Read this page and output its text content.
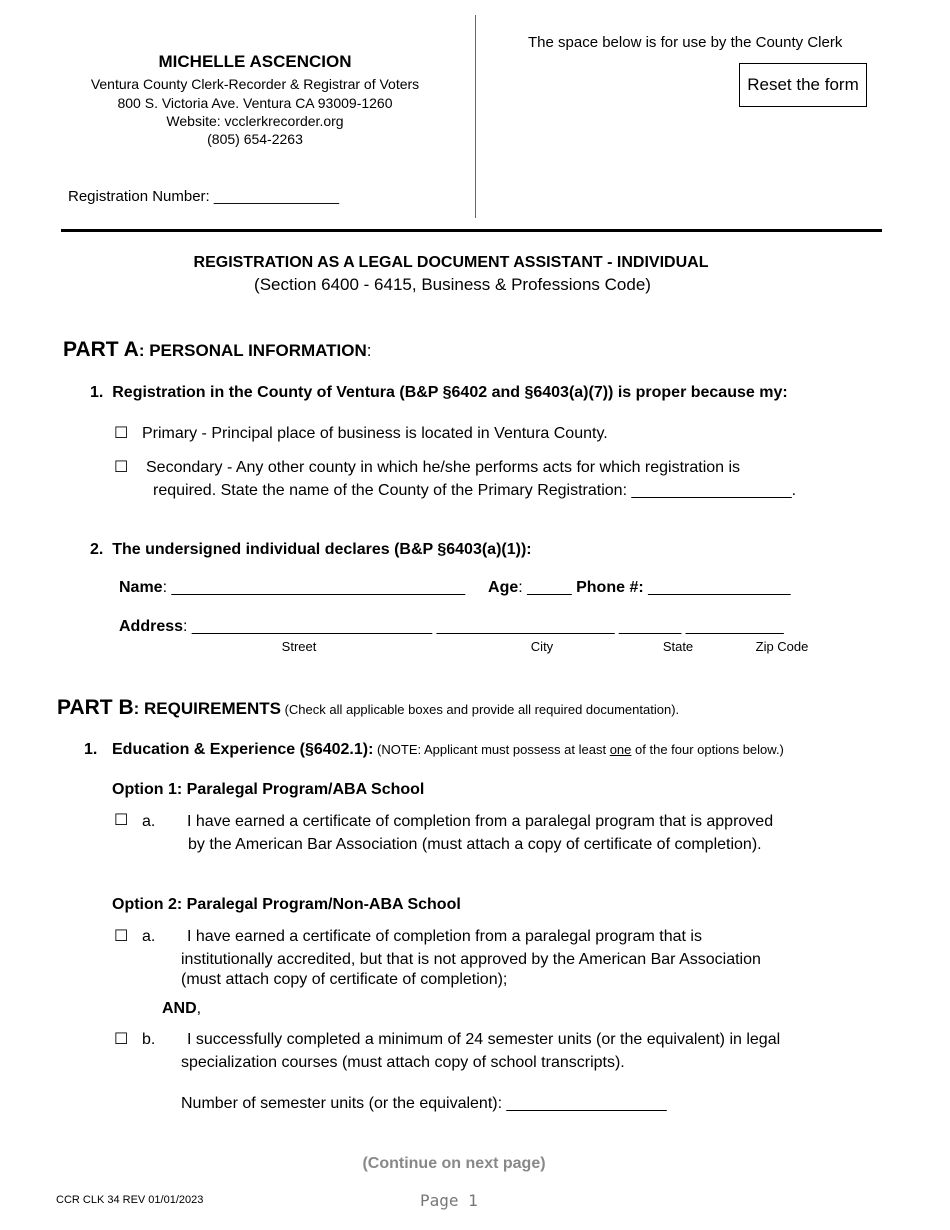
MICHELLE ASCENCION
Ventura County Clerk-Recorder & Registrar of Voters
800 S. Victoria Ave. Ventura CA 93009-1260
Website: vcclerkrecorder.org
(805) 654-2263
Registration Number: _______________
The space below is for use by the County Clerk
Reset the form
REGISTRATION AS A LEGAL DOCUMENT ASSISTANT - INDIVIDUAL
(Section 6400 - 6415, Business & Professions Code)
PART A: PERSONAL INFORMATION:
1.  Registration in the County of Ventura (B&P §6402 and §6403(a)(7)) is proper because my:
☐ Primary - Principal place of business is located in Ventura County.
☐ Secondary - Any other county in which he/she performs acts for which registration is
required. State the name of the County of the Primary Registration: __________________.
2.  The undersigned individual declares (B&P §6403(a)(1)):
Name: _________________________________ Age: _____ Phone #: ________________
Address: ___________________________ ____________________ _______ ___________
Street	City	State	Zip Code
PART B: REQUIREMENTS (Check all applicable boxes and provide all required documentation).
1. Education & Experience (§6402.1): (NOTE: Applicant must possess at least one of the four options below.)
Option 1: Paralegal Program/ABA School
☐ a. I have earned a certificate of completion from a paralegal program that is approved
by the American Bar Association (must attach a copy of certificate of completion).
Option 2: Paralegal Program/Non-ABA School
☐ a. I have earned a certificate of completion from a paralegal program that is
institutionally accredited, but that is not approved by the American Bar Association
(must attach copy of certificate of completion);
AND,
☐ b. I successfully completed a minimum of 24 semester units (or the equivalent) in legal
specialization courses (must attach copy of school transcripts).
Number of semester units (or the equivalent): __________________
(Continue on next page)
CCR CLK 34 REV 01/01/2023	Page 1
